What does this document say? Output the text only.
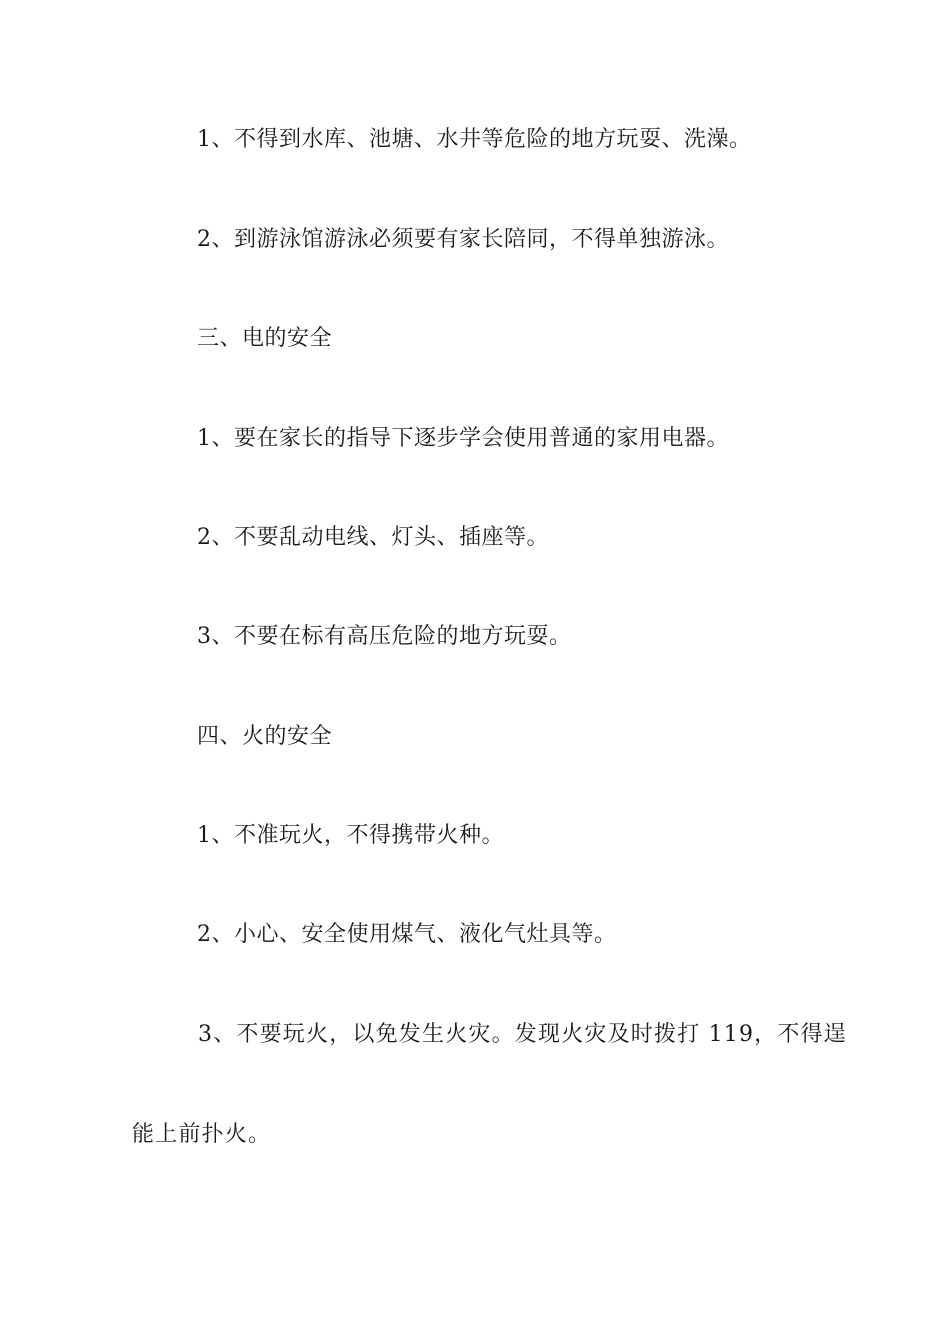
1、不得到水库、池塘、水井等危险的地方玩耍、洗澡。
2、到游泳馆游泳必须要有家长陪同，不得单独游泳。
三、电的安全
1、要在家长的指导下逐步学会使用普通的家用电器。
2、不要乱动电线、灯头、插座等。
3、不要在标有高压危险的地方玩耍。
四、火的安全
1、不准玩火，不得携带火种。
2、小心、安全使用煤气、液化气灶具等。
3、不要玩火，以免发生火灾。发现火灾及时拨打 119，不得逞
能上前扑火。
